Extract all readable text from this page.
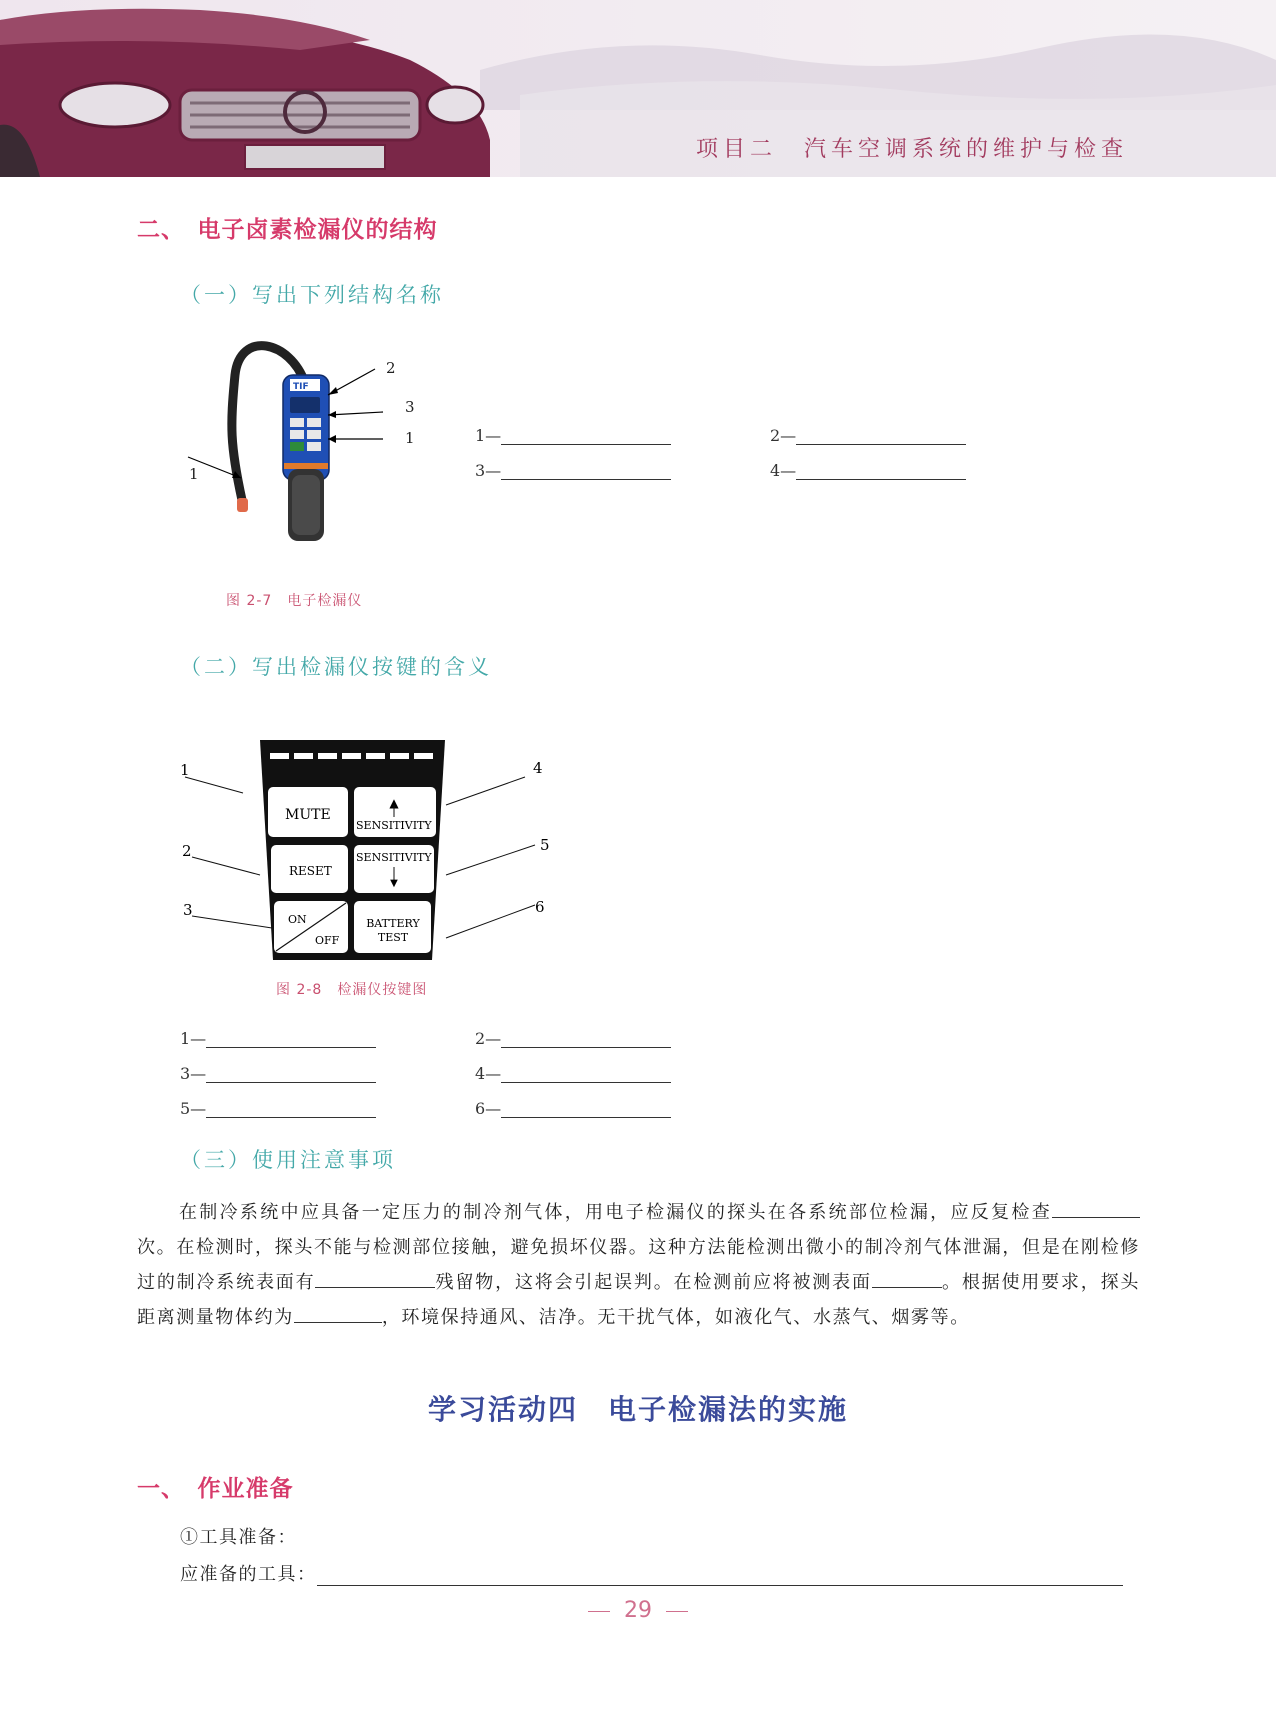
项目二　汽车空调系统的维护与检查
二、　电子卤素检漏仪的结构
（一）写出下列结构名称
TIF
2
3
1
1
1—	2—
3—	4—
图 2-7　电子检漏仪
（二）写出检漏仪按键的含义
MUTE
▲
SENSITIVITY
RESET
SENSITIVITY
▼
ON
OFF
BATTERY
TEST
1
2
3
4
5
6
图 2-8　检漏仪按键图
1—	2—
3—	4—
5—	6—
（三）使用注意事项
在制冷系统中应具备一定压力的制冷剂气体，用电子检漏仪的探头在各系统部位检漏，应反复检查次。在检测时，探头不能与检测部位接触，避免损坏仪器。这种方法能检测出微小的制冷剂气体泄漏，但是在刚检修过的制冷系统表面有	残留物，这将会引起误判。在检测前应将被测表面	。根据使用要求，探头距离测量物体约为	，环境保持通风、洁净。无干扰气体，如液化气、水蒸气、烟雾等。
学习活动四　电子检漏法的实施
一、　作业准备
①工具准备：
应准备的工具：
29
